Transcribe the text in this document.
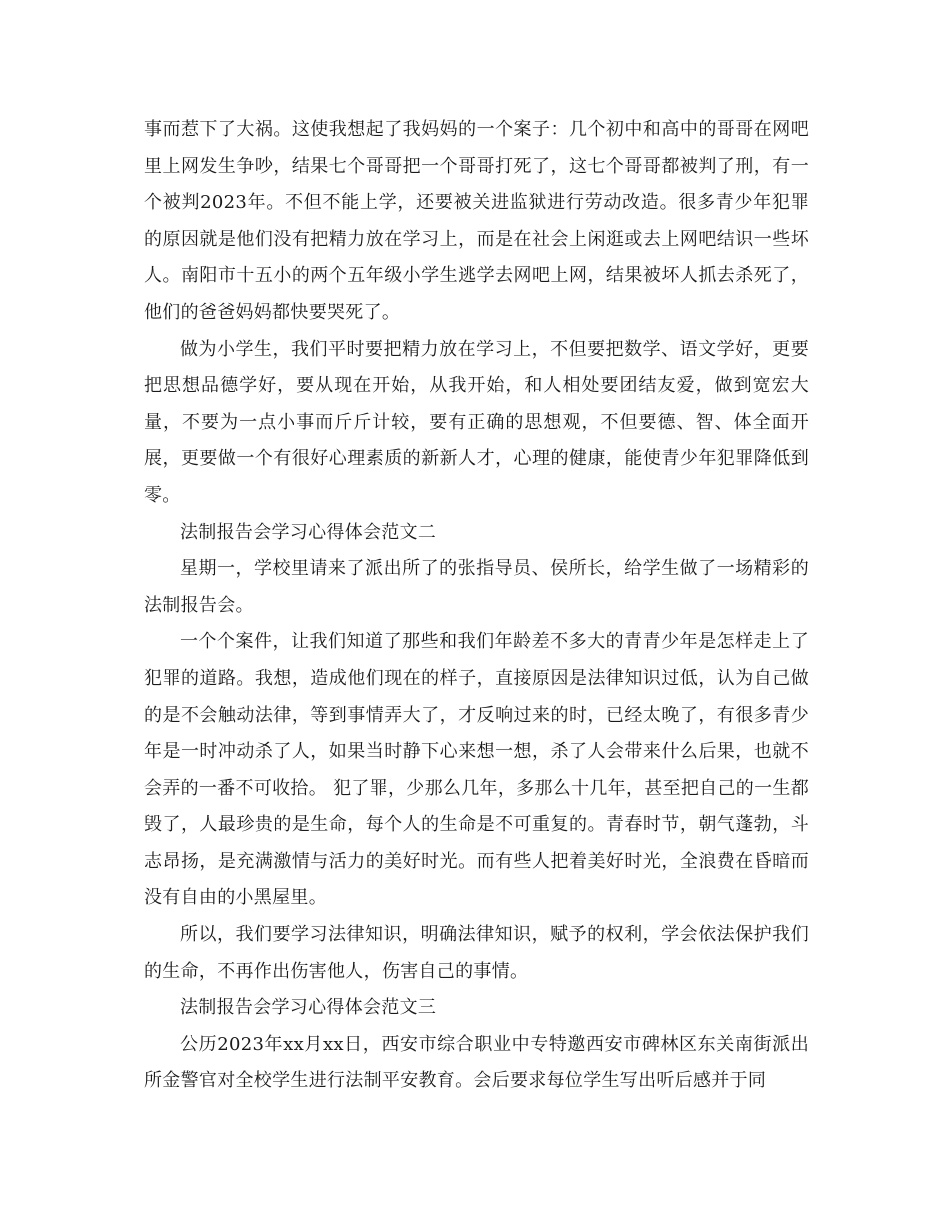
事而惹下了大祸。这使我想起了我妈妈的一个案子：几个初中和高中的哥哥在网吧里上网发生争吵，结果七个哥哥把一个哥哥打死了，这七个哥哥都被判了刑，有一个被判2023年。不但不能上学，还要被关进监狱进行劳动改造。很多青少年犯罪的原因就是他们没有把精力放在学习上，而是在社会上闲逛或去上网吧结识一些坏人。南阳市十五小的两个五年级小学生逃学去网吧上网，结果被坏人抓去杀死了，他们的爸爸妈妈都快要哭死了。

做为小学生，我们平时要把精力放在学习上，不但要把数学、语文学好，更要把思想品德学好，要从现在开始，从我开始，和人相处要团结友爱，做到宽宏大量，不要为一点小事而斤斤计较，要有正确的思想观，不但要德、智、体全面开展，更要做一个有很好心理素质的新新人才，心理的健康，能使青少年犯罪降低到零。

法制报告会学习心得体会范文二

星期一，学校里请来了派出所了的张指导员、侯所长，给学生做了一场精彩的法制报告会。

一个个案件，让我们知道了那些和我们年龄差不多大的青青少年是怎样走上了犯罪的道路。我想，造成他们现在的样子，直接原因是法律知识过低，认为自己做的是不会触动法律，等到事情弄大了，才反响过来的时，已经太晚了，有很多青少年是一时冲动杀了人，如果当时静下心来想一想，杀了人会带来什么后果，也就不会弄的一番不可收拾。 犯了罪，少那么几年，多那么十几年，甚至把自己的一生都毁了，人最珍贵的是生命，每个人的生命是不可重复的。青春时节，朝气蓬勃，斗志昂扬，是充满激情与活力的美好时光。而有些人把着美好时光，全浪费在昏暗而没有自由的小黑屋里。

所以，我们要学习法律知识，明确法律知识，赋予的权利，学会依法保护我们的生命，不再作出伤害他人，伤害自己的事情。

法制报告会学习心得体会范文三

公历2023年xx月xx日，西安市综合职业中专特邀西安市碑林区东关南街派出所金警官对全校学生进行法制平安教育。会后要求每位学生写出听后感并于同
